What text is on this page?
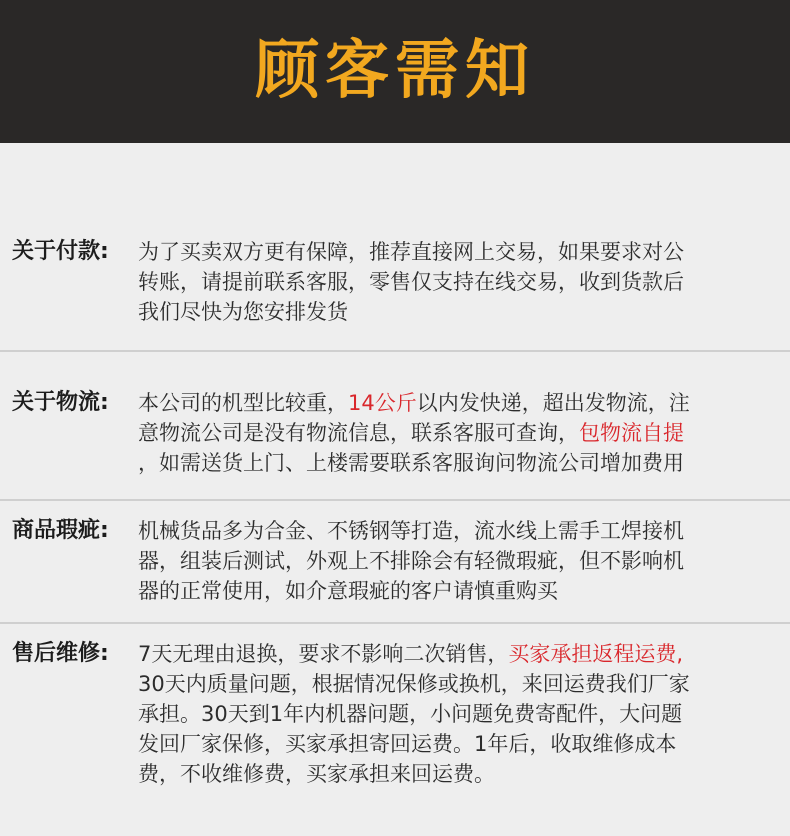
顾客需知
关于付款: 为了买卖双方更有保障，推荐直接网上交易，如果要求对公
转账，请提前联系客服，零售仅支持在线交易，收到货款后
我们尽快为您安排发货
关于物流: 本公司的机型比较重，14公斤以内发快递，超出发物流，注
意物流公司是没有物流信息，联系客服可查询，包物流自提
，如需送货上门、上楼需要联系客服询问物流公司增加费用
商品瑕疵: 机械货品多为合金、不锈钢等打造，流水线上需手工焊接机
器，组装后测试，外观上不排除会有轻微瑕疵，但不影响机
器的正常使用，如介意瑕疵的客户请慎重购买
售后维修: 7天无理由退换，要求不影响二次销售，买家承担返程运费,
30天内质量问题，根据情况保修或换机，来回运费我们厂家
承担。30天到1年内机器问题，小问题免费寄配件，大问题
发回厂家保修，买家承担寄回运费。1年后，收取维修成本
费，不收维修费，买家承担来回运费。
